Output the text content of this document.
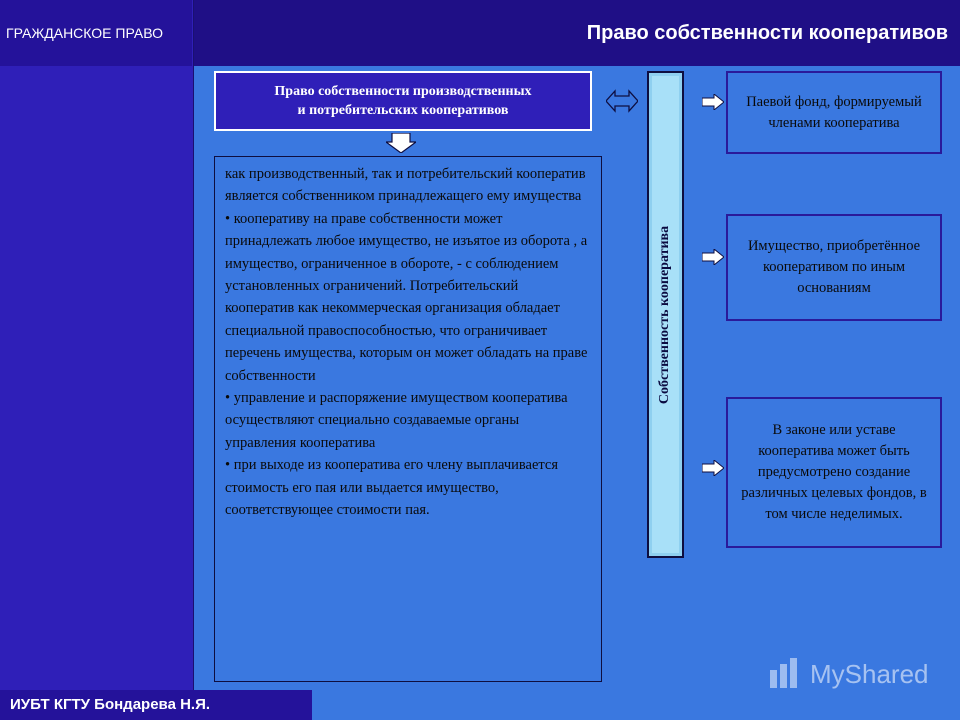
ГРАЖДАНСКОЕ ПРАВО	Право собственности кооперативов
Право собственности производственных
и потребительских кооперативов

как производственный, так и потребительский кооператив является собственником принадлежащего ему имущества

• кооперативу на праве собственности может принадлежать любое имущество, не изъятое из оборота , а имущество, ограниченное в обороте, - с соблюдением установленных ограничений. Потребительский кооператив как некоммерческая организация обладает специальной правоспособностью, что ограничивает перечень имущества, которым он может обладать на праве собственности

• управление и распоряжение имуществом кооператива осуществляют специально создаваемые органы управления кооператива

• при выходе из кооператива его члену выплачивается стоимость его пая или выдается имущество, соответствующее стоимости пая.

Собственность кооператива
Паевой фонд, формируемый членами кооператива
Имущество, приобретённое кооперативом по иным основаниям
В законе или уставе кооператива может быть предусмотрено создание различных целевых фондов, в том числе неделимых.
ИУБТ КГТУ Бондарева Н.Я.
MyShared
